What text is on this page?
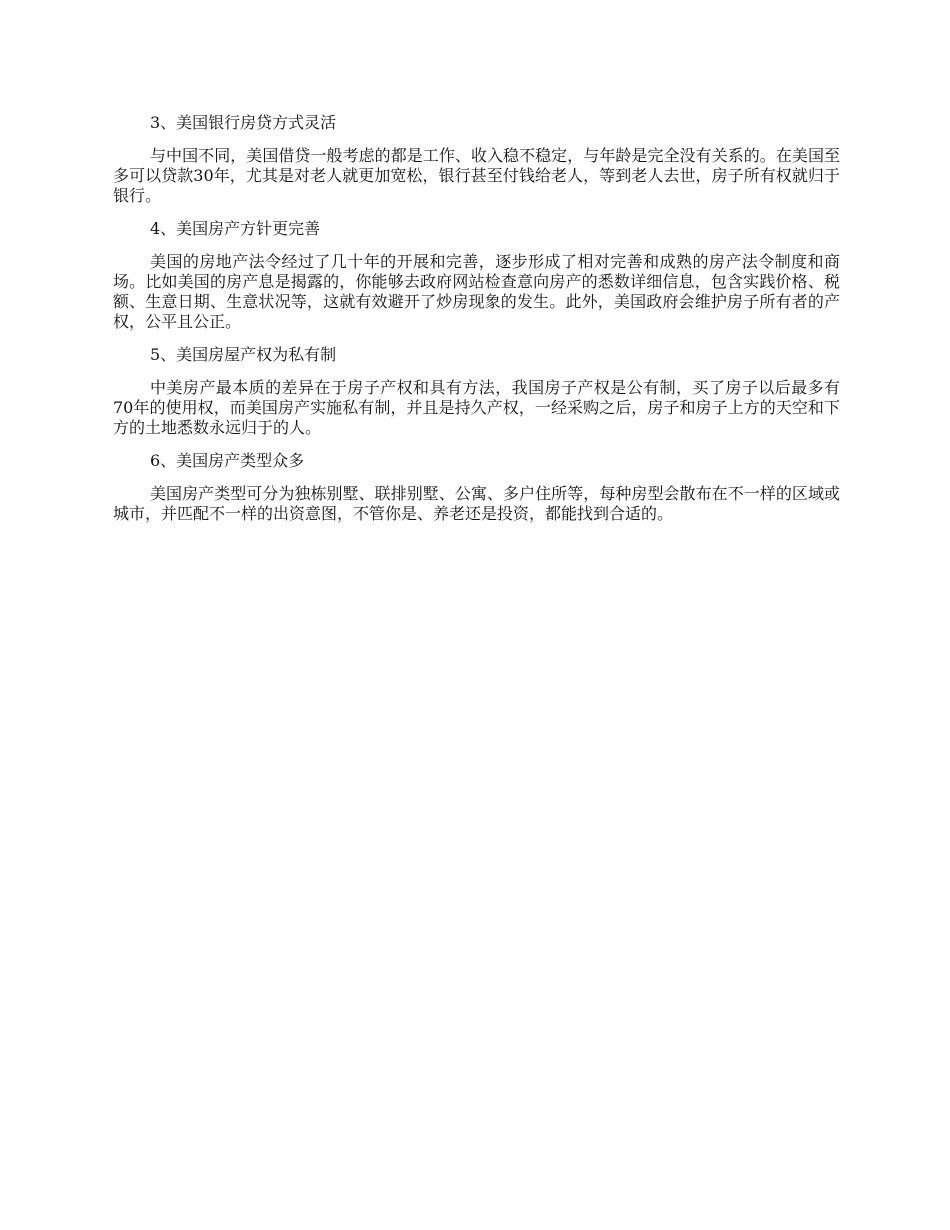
3、美国银行房贷方式灵活

与中国不同，美国借贷一般考虑的都是工作、收入稳不稳定，与年龄是完全没有关系的。在美国至多可以贷款30年，尤其是对老人就更加宽松，银行甚至付钱给老人，等到老人去世，房子所有权就归于银行。

4、美国房产方针更完善

美国的房地产法令经过了几十年的开展和完善，逐步形成了相对完善和成熟的房产法令制度和商场。比如美国的房产息是揭露的，你能够去政府网站检查意向房产的悉数详细信息，包含实践价格、税额、生意日期、生意状况等，这就有效避开了炒房现象的发生。此外，美国政府会维护房子所有者的产权，公平且公正。

5、美国房屋产权为私有制

中美房产最本质的差异在于房子产权和具有方法，我国房子产权是公有制，买了房子以后最多有70年的使用权，而美国房产实施私有制，并且是持久产权，一经采购之后，房子和房子上方的天空和下方的土地悉数永远归于的人。

6、美国房产类型众多

美国房产类型可分为独栋别墅、联排别墅、公寓、多户住所等，每种房型会散布在不一样的区域或城市，并匹配不一样的出资意图，不管你是、养老还是投资，都能找到合适的。
